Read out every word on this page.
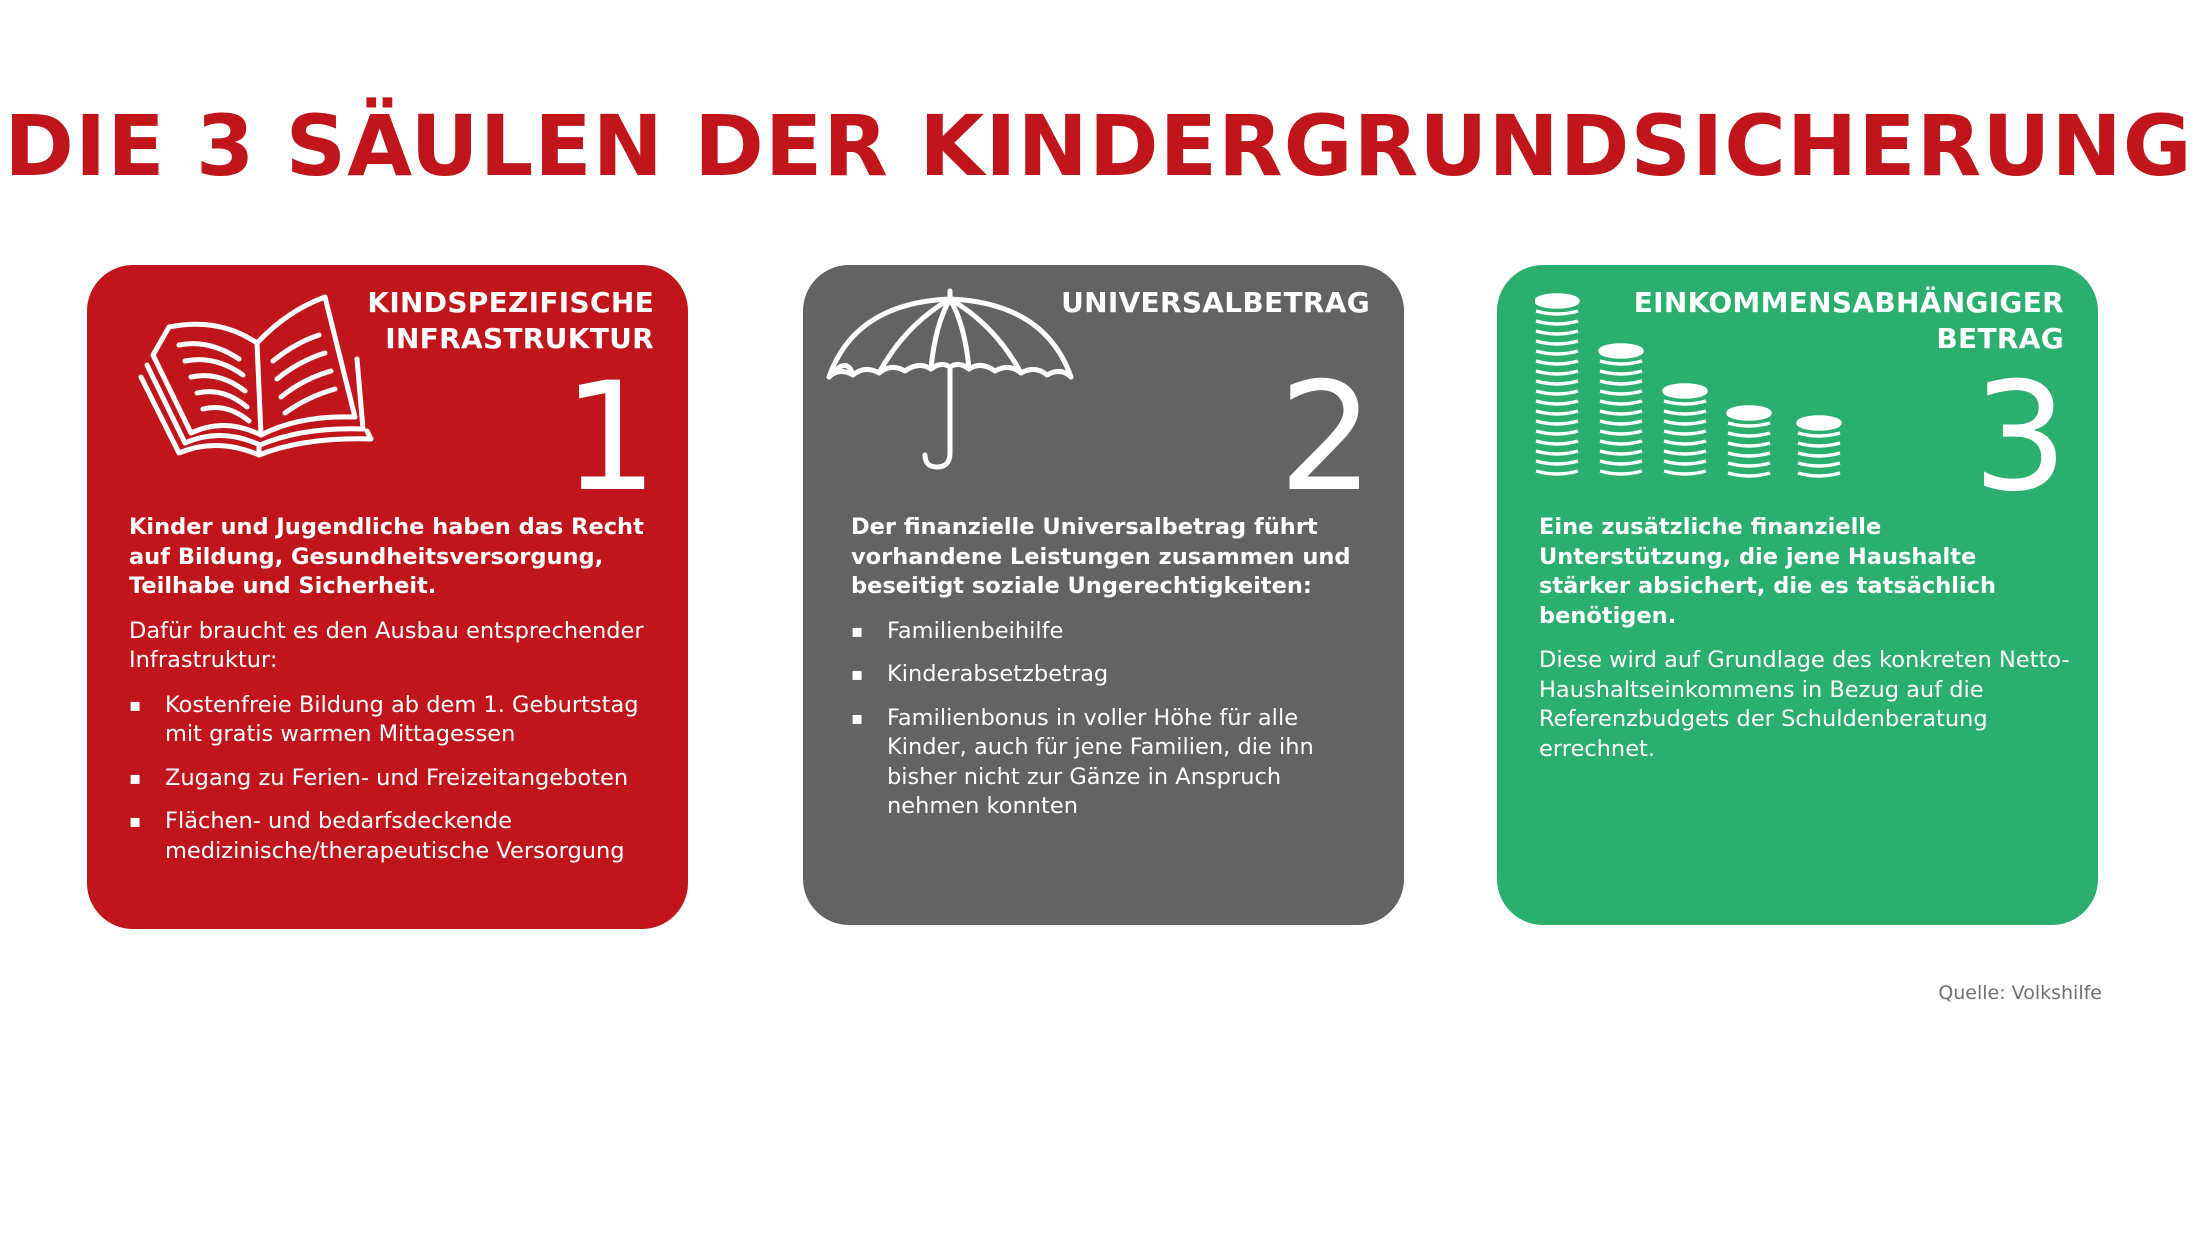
DIE 3 SÄULEN DER KINDERGRUNDSICHERUNG
KINDSPEZIFISCHE
INFRASTRUKTUR
1

Kinder und Jugendliche haben das Recht auf Bildung, Gesundheitsversorgung, Teilhabe und Sicherheit.

Dafür braucht es den Ausbau entsprechender Infrastruktur:

▪ Kostenfreie Bildung ab dem 1. Geburtstag mit gratis warmen Mittagessen
▪ Zugang zu Ferien- und Freizeitangeboten
▪ Flächen- und bedarfsdeckende medizinische/therapeutische Versorgung
UNIVERSALBETRAG
2

Der finanzielle Universalbetrag führt vorhandene Leistungen zusammen und beseitigt soziale Ungerechtigkeiten:

▪ Familienbeihilfe
▪ Kinderabsetzbetrag
▪ Familienbonus in voller Höhe für alle Kinder, auch für jene Familien, die ihn bisher nicht zur Gänze in Anspruch nehmen konnten
EINKOMMENSABHÄNGIGER
BETRAG
3

Eine zusätzliche finanzielle Unterstützung, die jene Haushalte stärker absichert, die es tatsächlich benötigen.

Diese wird auf Grundlage des konkreten Netto-Haushaltseinkommens in Bezug auf die Referenzbudgets der Schuldenberatung errechnet.

Quelle: Volkshilfe
